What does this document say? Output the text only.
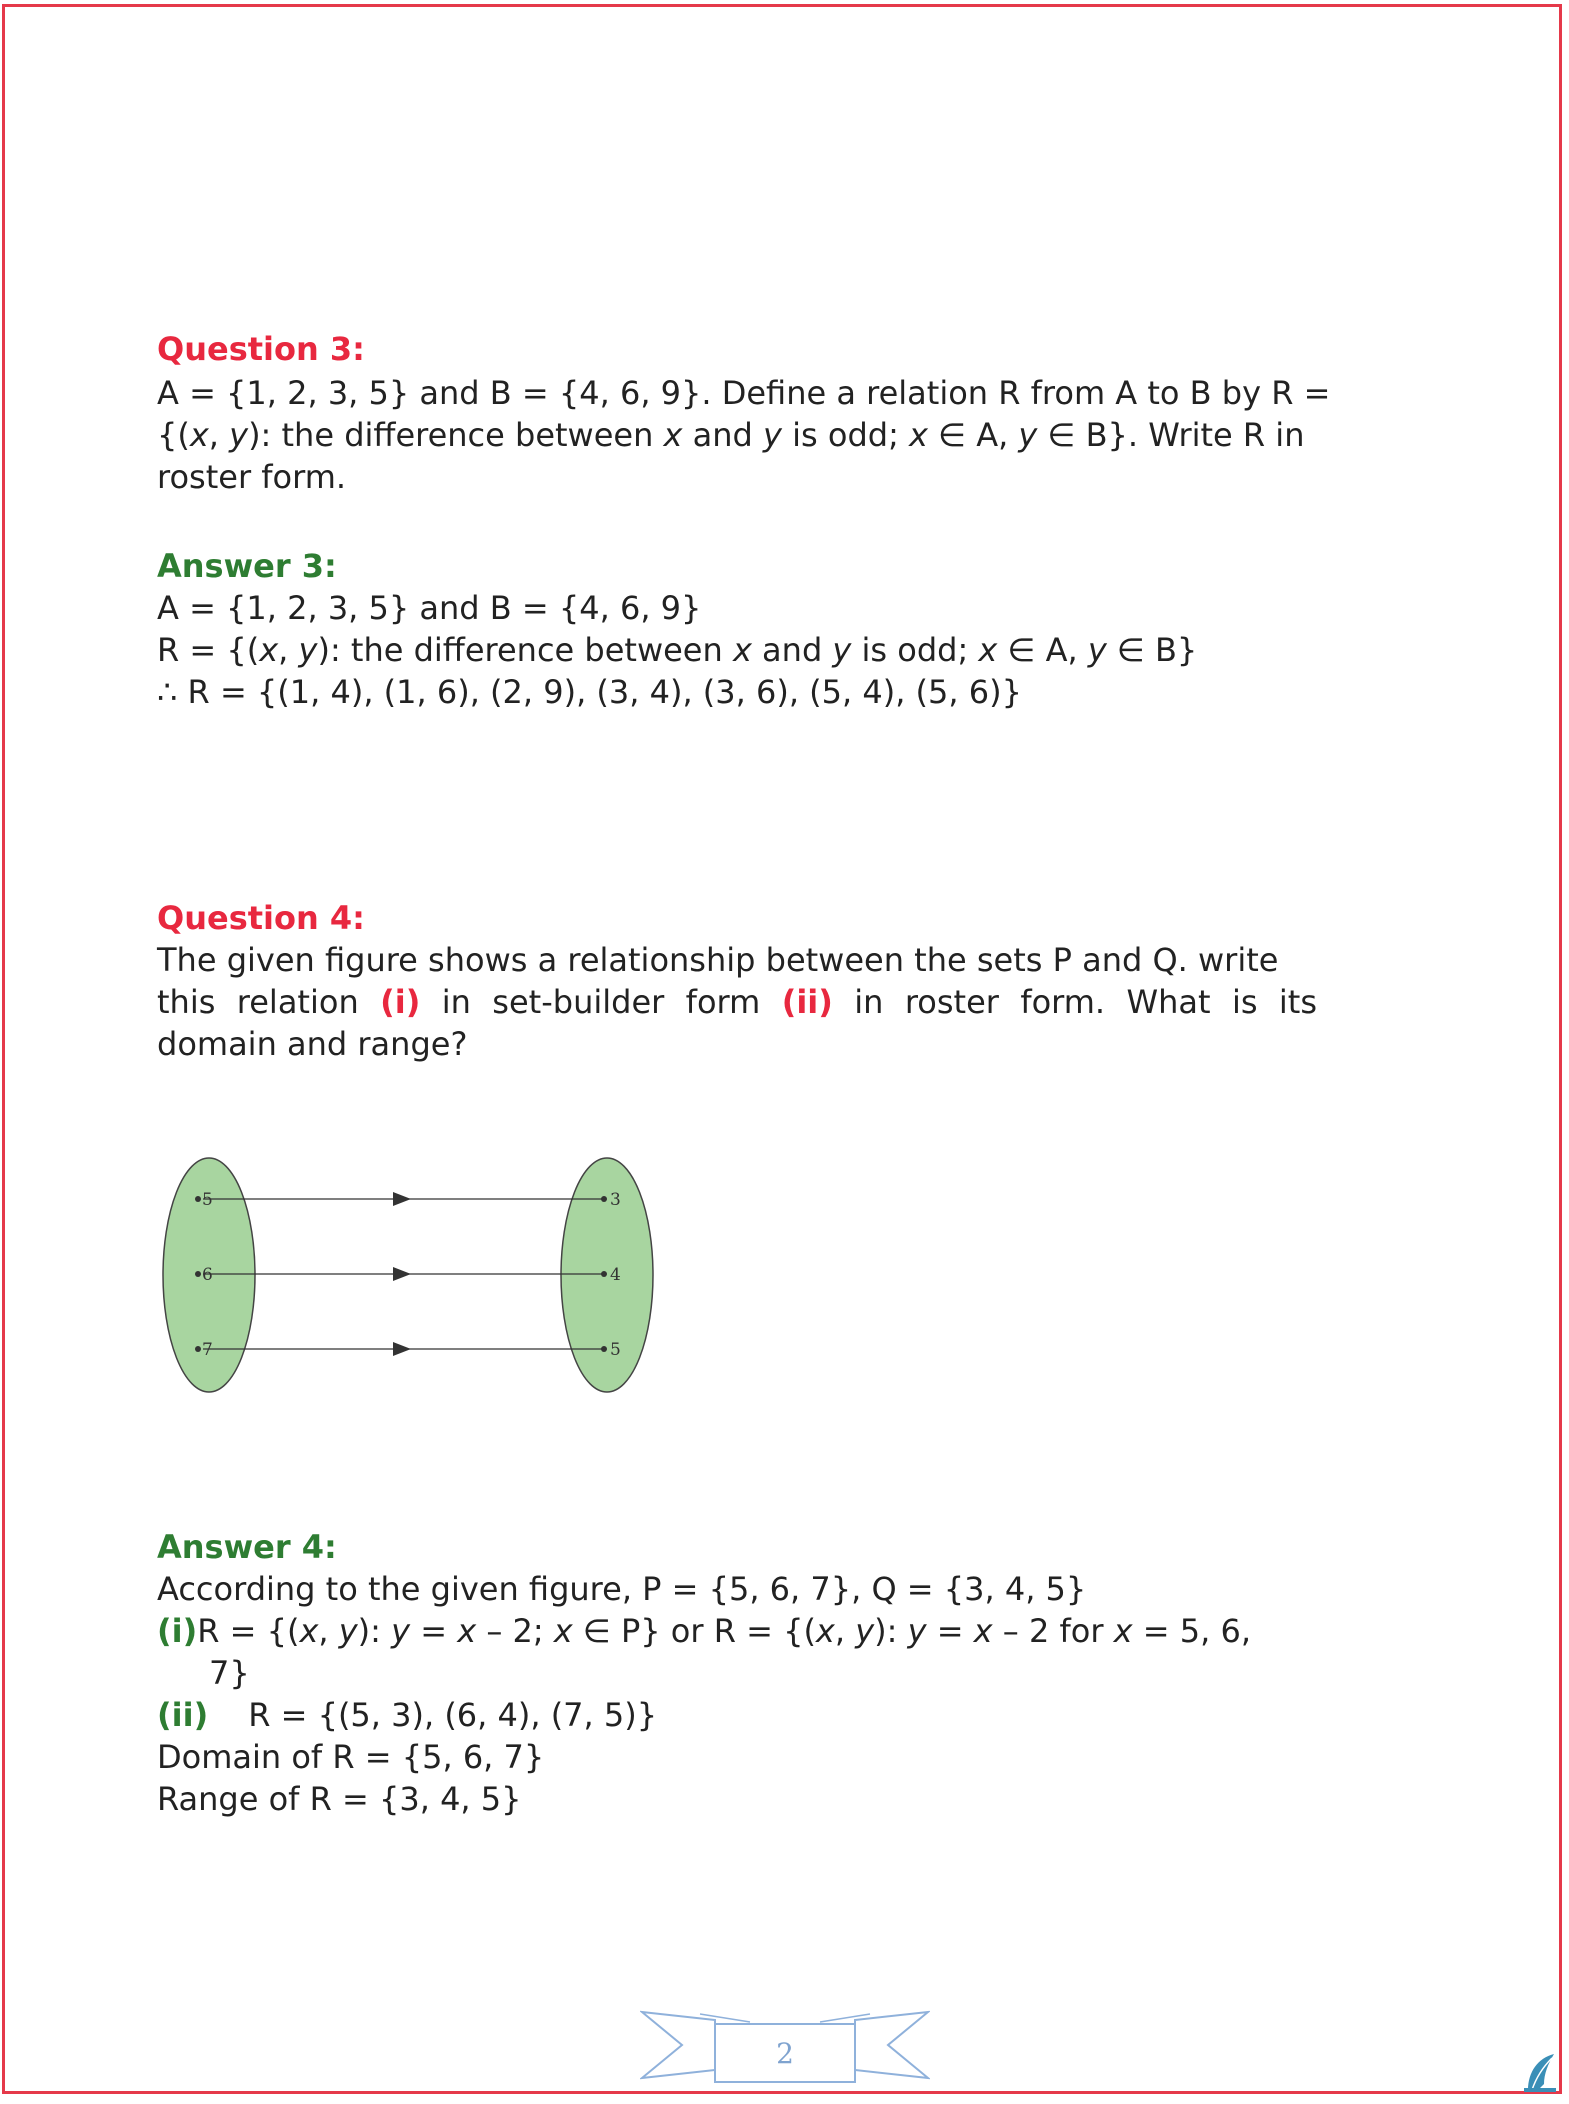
Question 3:
A = {1, 2, 3, 5} and B = {4, 6, 9}. Define a relation R from A to B by R =
{(x, y): the difference between x and y is odd; x ∈ A, y ∈ B}. Write R in
roster form.
Answer 3:
A = {1, 2, 3, 5} and B = {4, 6, 9}
R = {(x, y): the difference between x and y is odd; x ∈ A, y ∈ B}
∴ R = {(1, 4), (1, 6), (2, 9), (3, 4), (3, 6), (5, 4), (5, 6)}
Question 4:
The given figure shows a relationship between the sets P and Q. write
this relation (i) in set-builder form (ii) in roster form. What is its
domain and range?
5
6
7
3
4
5
Answer 4:
According to the given figure, P = {5, 6, 7}, Q = {3, 4, 5}
(i)R = {(x, y): y = x – 2; x ∈ P} or R = {(x, y): y = x – 2 for x = 5, 6,
7}
(ii) R = {(5, 3), (6, 4), (7, 5)}
Domain of R = {5, 6, 7}
Range of R = {3, 4, 5}
2
